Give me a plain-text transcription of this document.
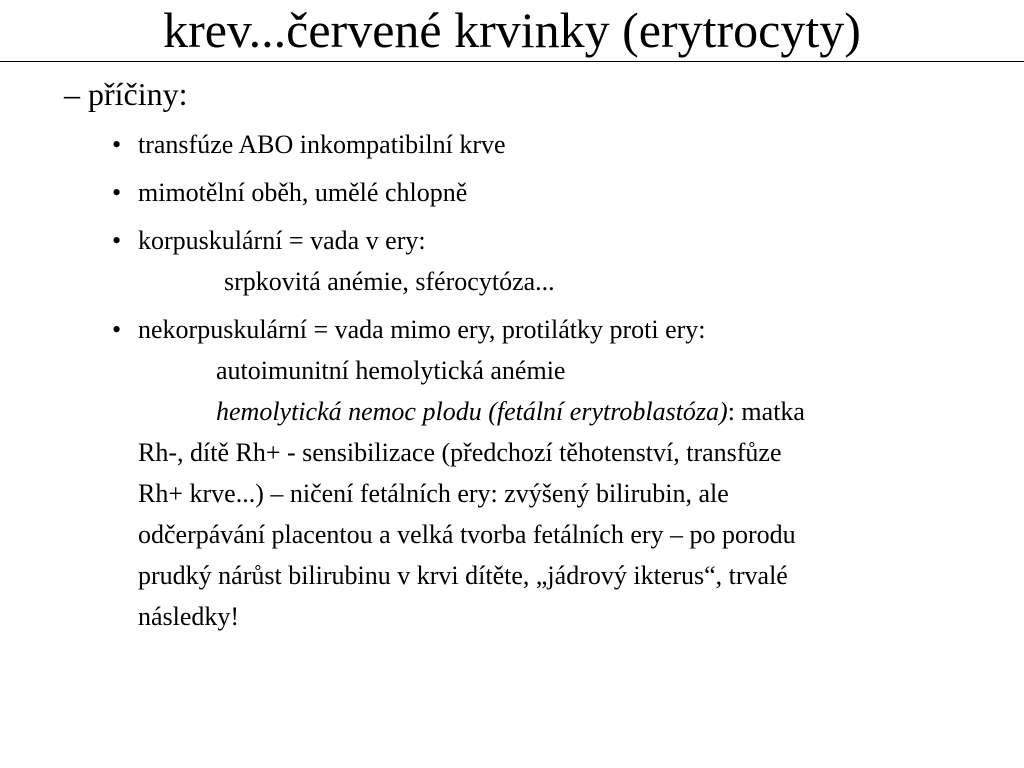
krev...červené krvinky (erytrocyty)
– příčiny:
• transfúze ABO inkompatibilní krve
• mimotělní oběh, umělé chlopně
• korpuskulární = vada v ery:
srpkovitá anémie, sférocytóza...
• nekorpuskulární = vada mimo ery, protilátky proti ery:
autoimunitní hemolytická anémie
hemolytická nemoc plodu (fetální erytroblastóza): matka
Rh-, dítě Rh+ - sensibilizace (předchozí těhotenství, transfůze
Rh+ krve...) – ničení fetálních ery: zvýšený bilirubin, ale
odčerpávání placentou a velká tvorba fetálních ery – po porodu
prudký nárůst bilirubinu v krvi dítěte, „jádrový ikterus“, trvalé
následky!
